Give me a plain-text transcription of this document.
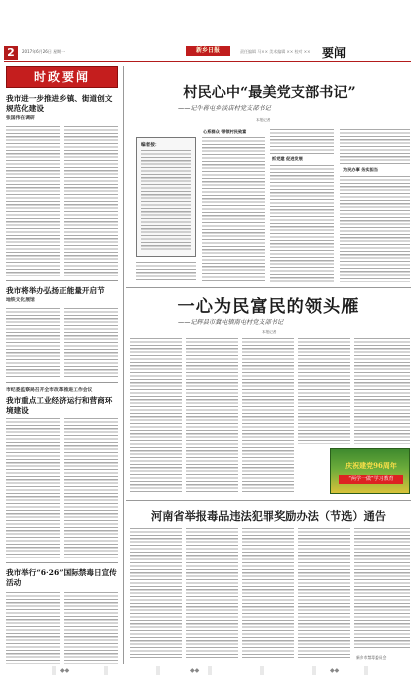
2	2017年6月26日 星期一	新乡日报	责任编辑 马×× 美术编辑 ×× 校对 ×× 要闻
时政要闻
我市进一步推进乡镇、街道创文规范化建设
张国伟在调研
我市将举办弘扬正能量开启节
地铁文化展馆
市纪委监察局召开全市改革推进工作会议
我市重点工业经济运行和营商环境建设
我市举行“6·26”国际禁毒日宣传活动
村民心中“最美党支部书记”
——记牛蒋屯乡淡店村党支部书记
本报记者
编者按：
心系群众 带领村民致富
抓党建 促进发展
为民办事 务实担当
一心为民富民的领头雁
——记辉县市冀屯镇南屯村党支部书记
本报记者
庆祝建党96周年
“两学一做”学习教育
河南省举报毒品违法犯罪奖励办法（节选）通告
新乡市禁毒委员会
◆◆	◆◆	◆◆
